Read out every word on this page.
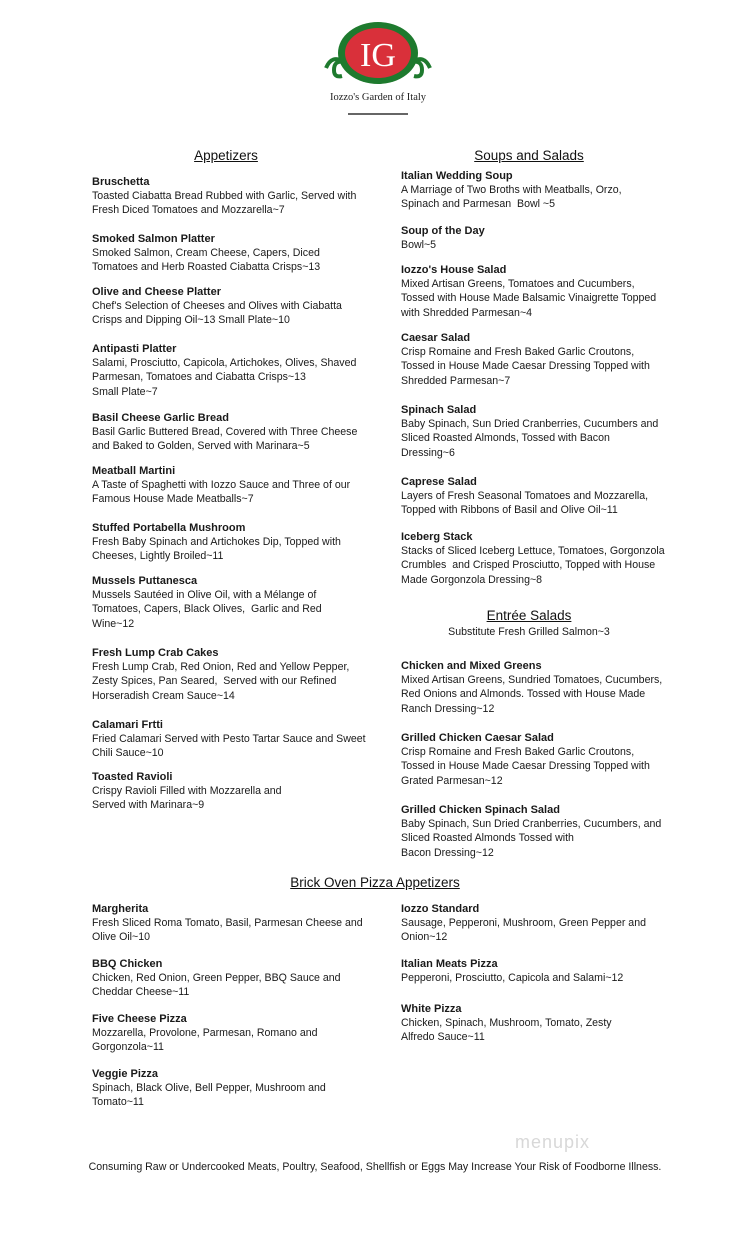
IG
Iozzo's Garden of Italy
Appetizers	Soups and Salads
Entrée Salads
Substitute Fresh Grilled Salmon~3
Brick Oven Pizza Appetizers
Bruschetta
Toasted Ciabatta Bread Rubbed with Garlic, Served with
Fresh Diced Tomatoes and Mozzarella~7
Smoked Salmon Platter
Smoked Salmon, Cream Cheese, Capers, Diced
Tomatoes and Herb Roasted Ciabatta Crisps~13
Olive and Cheese Platter
Chef's Selection of Cheeses and Olives with Ciabatta
Crisps and Dipping Oil~13 Small Plate~10
Antipasti Platter
Salami, Prosciutto, Capicola, Artichokes, Olives, Shaved
Parmesan, Tomatoes and Ciabatta Crisps~13
Small Plate~7
Basil Cheese Garlic Bread
Basil Garlic Buttered Bread, Covered with Three Cheese
and Baked to Golden, Served with Marinara~5
Meatball Martini
A Taste of Spaghetti with Iozzo Sauce and Three of our
Famous House Made Meatballs~7
Stuffed Portabella Mushroom
Fresh Baby Spinach and Artichokes Dip, Topped with
Cheeses, Lightly Broiled~11
Mussels Puttanesca
Mussels Sautéed in Olive Oil, with a Mélange of
Tomatoes, Capers, Black Olives,  Garlic and Red
Wine~12
Fresh Lump Crab Cakes
Fresh Lump Crab, Red Onion, Red and Yellow Pepper,
Zesty Spices, Pan Seared,  Served with our Refined
Horseradish Cream Sauce~14
Calamari Frtti
Fried Calamari Served with Pesto Tartar Sauce and Sweet
Chili Sauce~10
Toasted Ravioli
Crispy Ravioli Filled with Mozzarella and
Served with Marinara~9
Italian Wedding Soup
A Marriage of Two Broths with Meatballs, Orzo,
Spinach and Parmesan  Bowl ~5
Soup of the Day
Bowl~5
Iozzo's House Salad
Mixed Artisan Greens, Tomatoes and Cucumbers,
Tossed with House Made Balsamic Vinaigrette Topped
with Shredded Parmesan~4
Caesar Salad
Crisp Romaine and Fresh Baked Garlic Croutons,
Tossed in House Made Caesar Dressing Topped with
Shredded Parmesan~7
Spinach Salad
Baby Spinach, Sun Dried Cranberries, Cucumbers and
Sliced Roasted Almonds, Tossed with Bacon
Dressing~6
Caprese Salad
Layers of Fresh Seasonal Tomatoes and Mozzarella,
Topped with Ribbons of Basil and Olive Oil~11
Iceberg Stack
Stacks of Sliced Iceberg Lettuce, Tomatoes, Gorgonzola
Crumbles  and Crisped Prosciutto, Topped with House
Made Gorgonzola Dressing~8
Chicken and Mixed Greens
Mixed Artisan Greens, Sundried Tomatoes, Cucumbers,
Red Onions and Almonds. Tossed with House Made
Ranch Dressing~12
Grilled Chicken Caesar Salad
Crisp Romaine and Fresh Baked Garlic Croutons,
Tossed in House Made Caesar Dressing Topped with
Grated Parmesan~12
Grilled Chicken Spinach Salad
Baby Spinach, Sun Dried Cranberries, Cucumbers, and
Sliced Roasted Almonds Tossed with
Bacon Dressing~12
Margherita
Fresh Sliced Roma Tomato, Basil, Parmesan Cheese and
Olive Oil~10
BBQ Chicken
Chicken, Red Onion, Green Pepper, BBQ Sauce and
Cheddar Cheese~11
Five Cheese Pizza
Mozzarella, Provolone, Parmesan, Romano and
Gorgonzola~11
Veggie Pizza
Spinach, Black Olive, Bell Pepper, Mushroom and
Tomato~11
Iozzo Standard
Sausage, Pepperoni, Mushroom, Green Pepper and
Onion~12
Italian Meats Pizza
Pepperoni, Prosciutto, Capicola and Salami~12
White Pizza
Chicken, Spinach, Mushroom, Tomato, Zesty
Alfredo Sauce~11
menupix
Consuming Raw or Undercooked Meats, Poultry, Seafood, Shellfish or Eggs May Increase Your Risk of Foodborne Illness.
